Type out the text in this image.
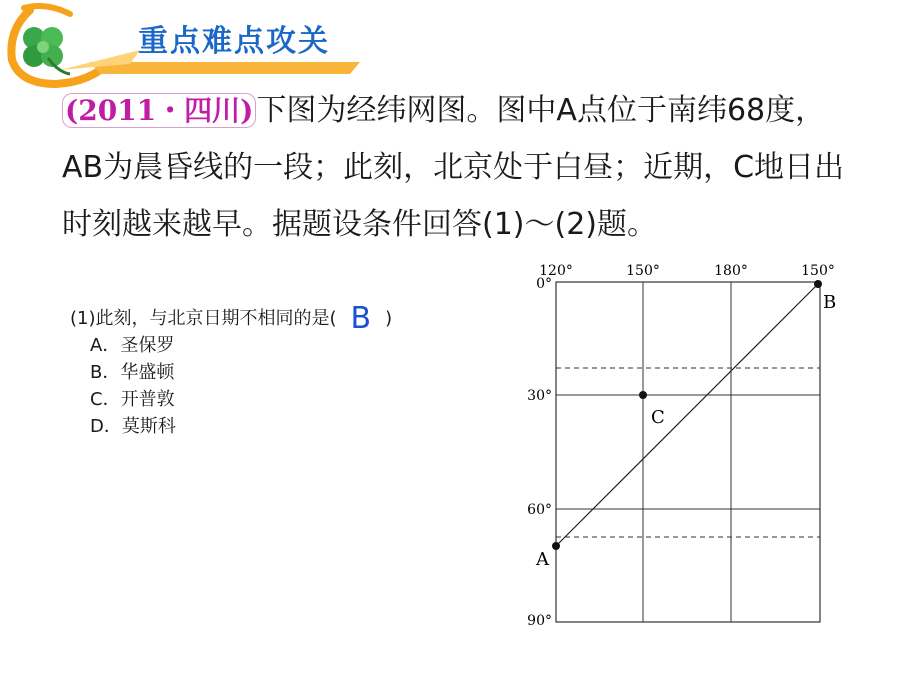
重点难点攻关
(2011・四川) 下图为经纬网图。图中A点位于南纬68度，AB为晨昏线的一段；此刻，北京处于白昼；近期，C地日出时刻越来越早。据题设条件回答(1)～(2)题。
(1)此刻，与北京日期不相同的是( B )
A．圣保罗
B．华盛顿
C．开普敦
D．莫斯科
120°	150°	180°	150°
0°
30°
60°
90°
A
B
C
